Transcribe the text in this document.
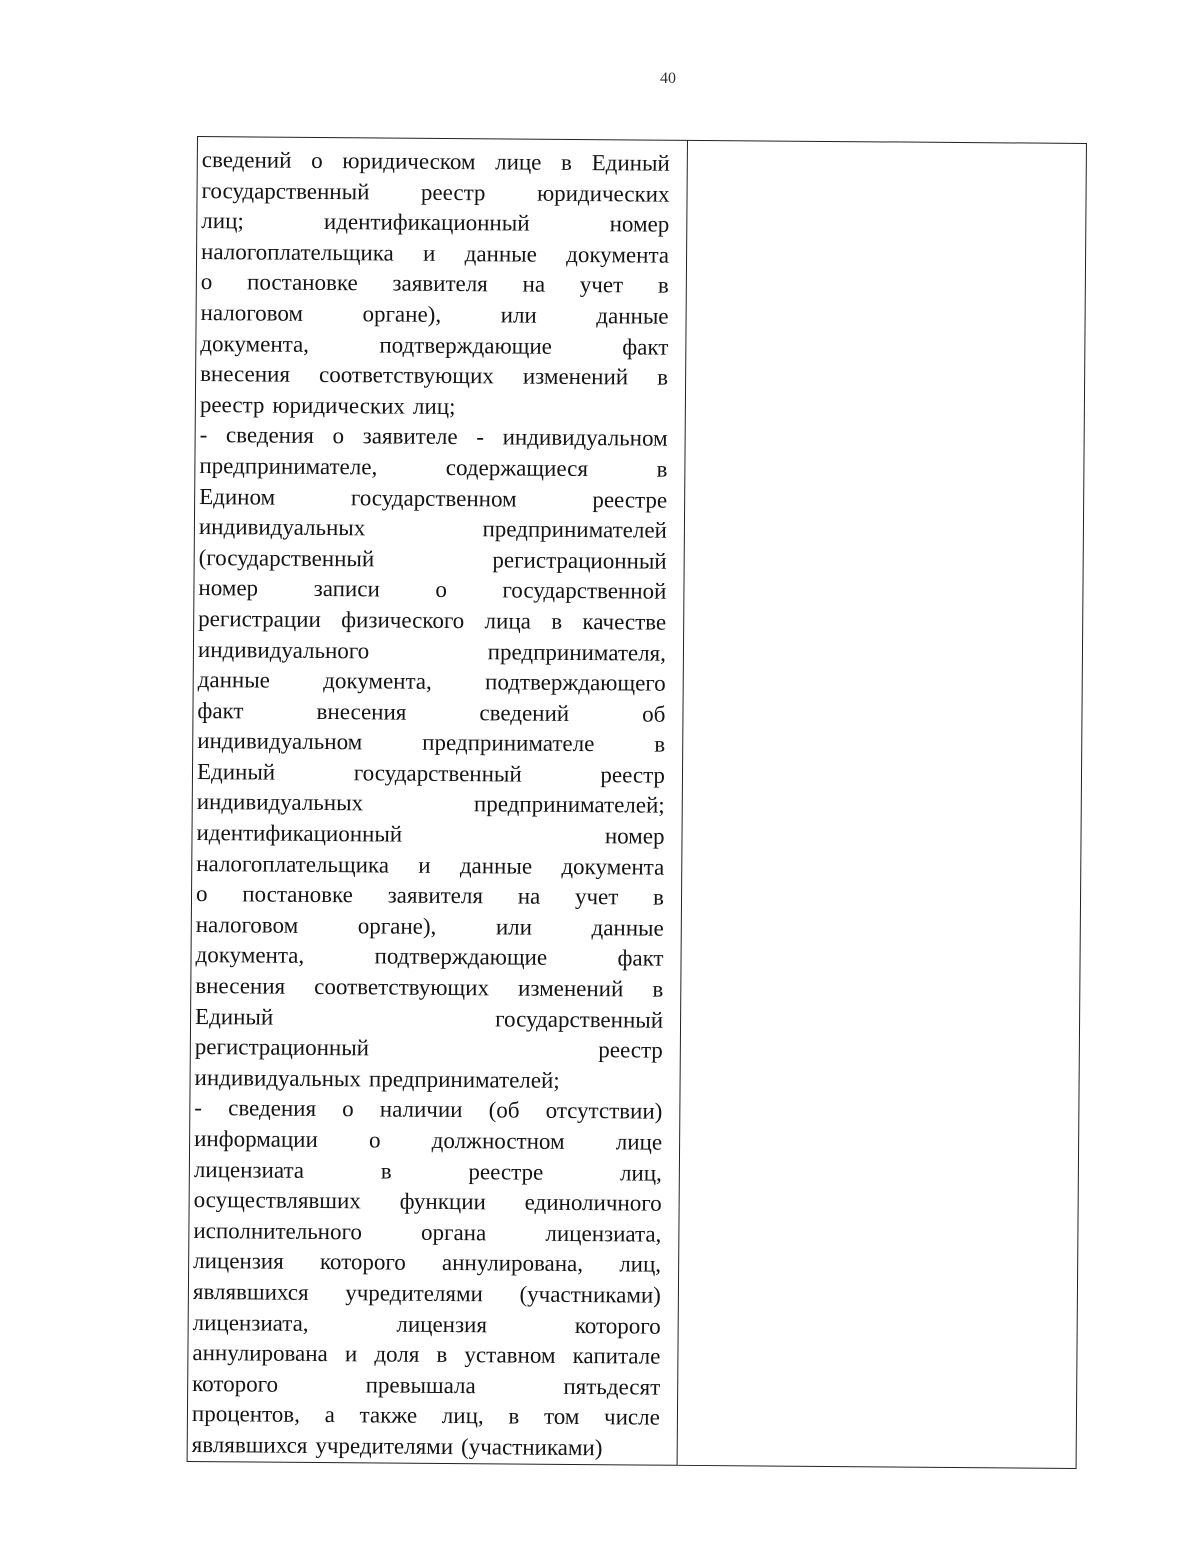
40
сведений о юридическом лице в Единый
государственный реестр юридических
лиц;	идентификационный	номер
налогоплательщика и данные документа
о постановке заявителя на учет в
налоговом	органе),	или	данные
документа,	подтверждающие	факт
внесения соответствующих изменений в
реестр юридических лиц;
- сведения о заявителе - индивидуальном
предпринимателе,	содержащиеся	в
Едином	государственном	реестре
индивидуальных	предпринимателей
(государственный	регистрационный
номер записи о государственной
регистрации физического лица в качестве
индивидуального	предпринимателя,
данные документа, подтверждающего
факт	внесения	сведений	об
индивидуальном	предпринимателе	в
Единый	государственный	реестр
индивидуальных	предпринимателей;
идентификационный	номер
налогоплательщика и данные документа
о постановке заявителя на учет в
налоговом	органе),	или	данные
документа,	подтверждающие	факт
внесения соответствующих изменений в
Единый	государственный
регистрационный	реестр
индивидуальных предпринимателей;
- сведения о наличии (об отсутствии)
информации о должностном лице
лицензиата	в	реестре	лиц,
осуществлявших функции единоличного
исполнительного	органа	лицензиата,
лицензия которого аннулирована, лиц,
являвшихся учредителями (участниками)
лицензиата,	лицензия	которого
аннулирована и доля в уставном капитале
которого	превышала	пятьдесят
процентов, а также лиц, в том числе
являвшихся учредителями (участниками)
